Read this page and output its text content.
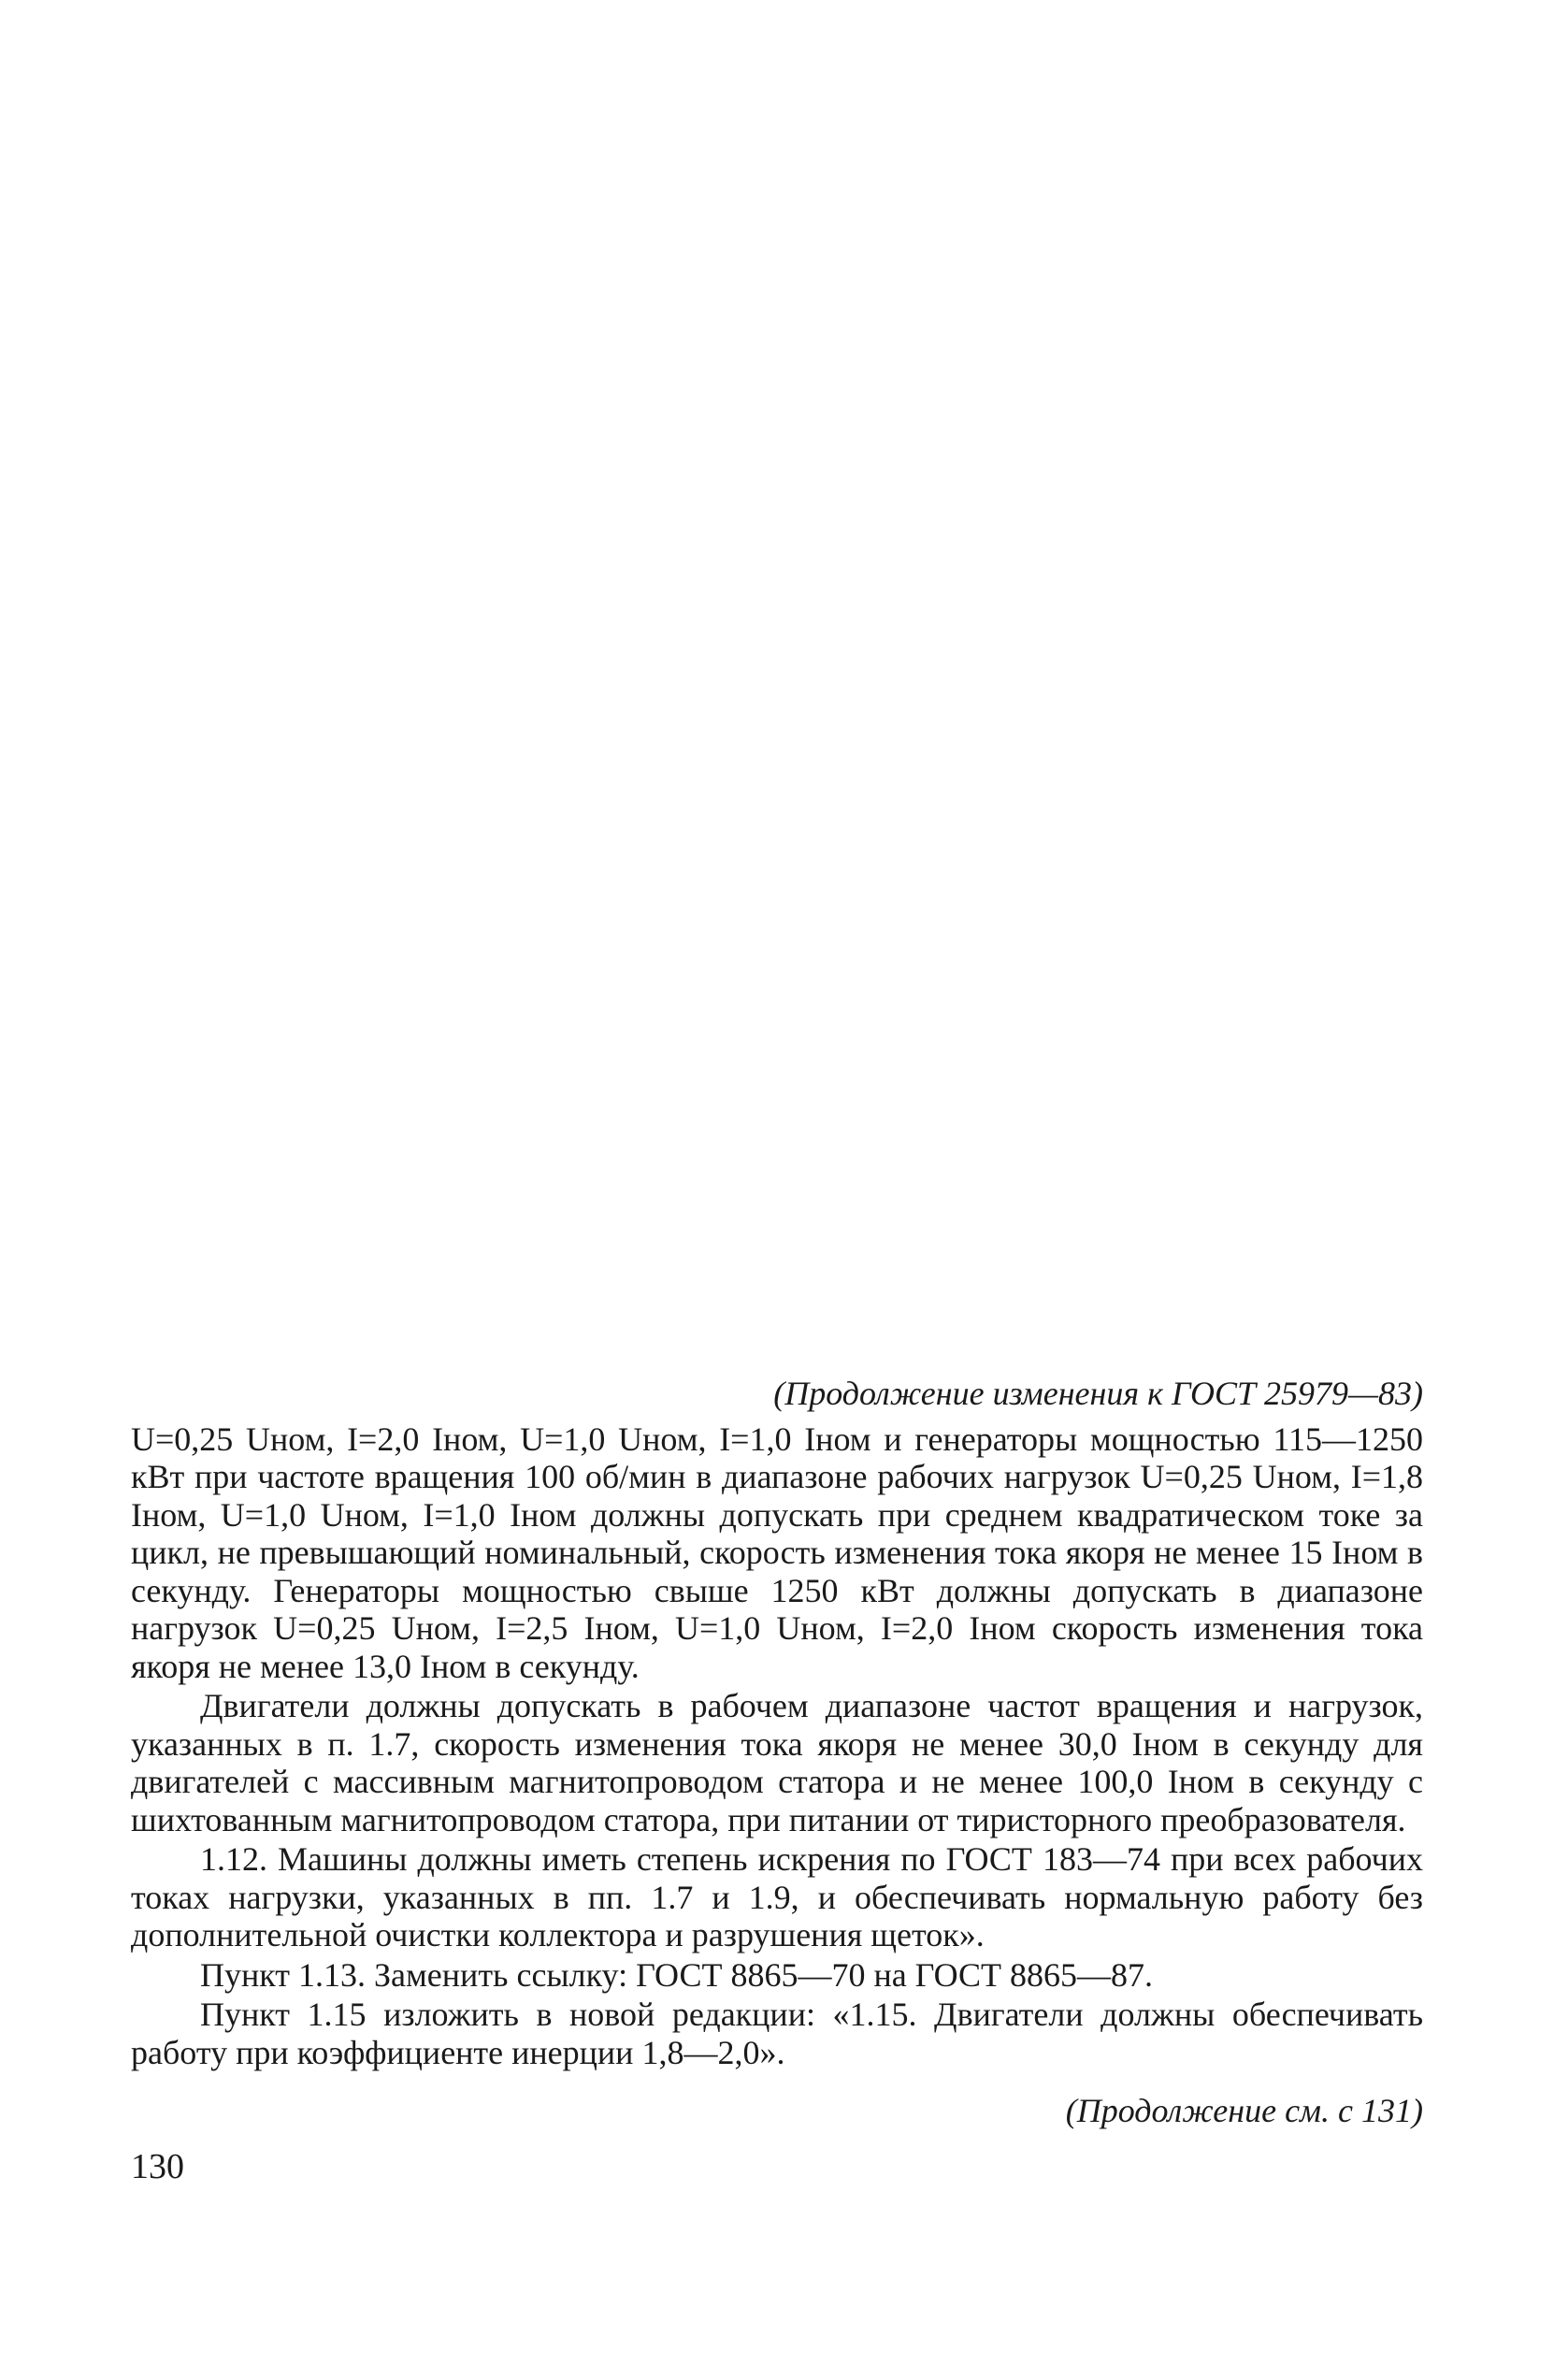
(Продолжение изменения к ГОСТ 25979—83)

U=0,25 Uном, I=2,0 Iном, U=1,0 Uном, I=1,0 Iном и генераторы мощностью 115—1250 кВт при частоте вращения 100 об/мин в диапазоне рабочих нагрузок U=0,25 Uном, I=1,8 Iном, U=1,0 Uном, I=1,0 Iном должны допускать при среднем квадратическом токе за цикл, не превышающий номинальный, скорость изменения тока якоря не менее 15 Iном в секунду. Генераторы мощностью свыше 1250 кВт должны допускать в диапазоне нагрузок U=0,25 Uном, I=2,5 Iном, U=1,0 Uном, I=2,0 Iном скорость изменения тока якоря не менее 13,0 Iном в секунду.

Двигатели должны допускать в рабочем диапазоне частот вращения и нагрузок, указанных в п. 1.7, скорость изменения тока якоря не менее 30,0 Iном в секунду для двигателей с массивным магнитопроводом статора и не менее 100,0 Iном в секунду с шихтованным магнитопроводом статора, при питании от тиристорного преобразователя.

1.12. Машины должны иметь степень искрения по ГОСТ 183—74 при всех рабочих токах нагрузки, указанных в пп. 1.7 и 1.9, и обеспечивать нормальную работу без дополнительной очистки коллектора и разрушения щеток».

Пункт 1.13. Заменить ссылку: ГОСТ 8865—70 на ГОСТ 8865—87.

Пункт 1.15 изложить в новой редакции: «1.15. Двигатели должны обеспечивать работу при коэффициенте инерции 1,8—2,0».

(Продолжение см. с 131)
130
